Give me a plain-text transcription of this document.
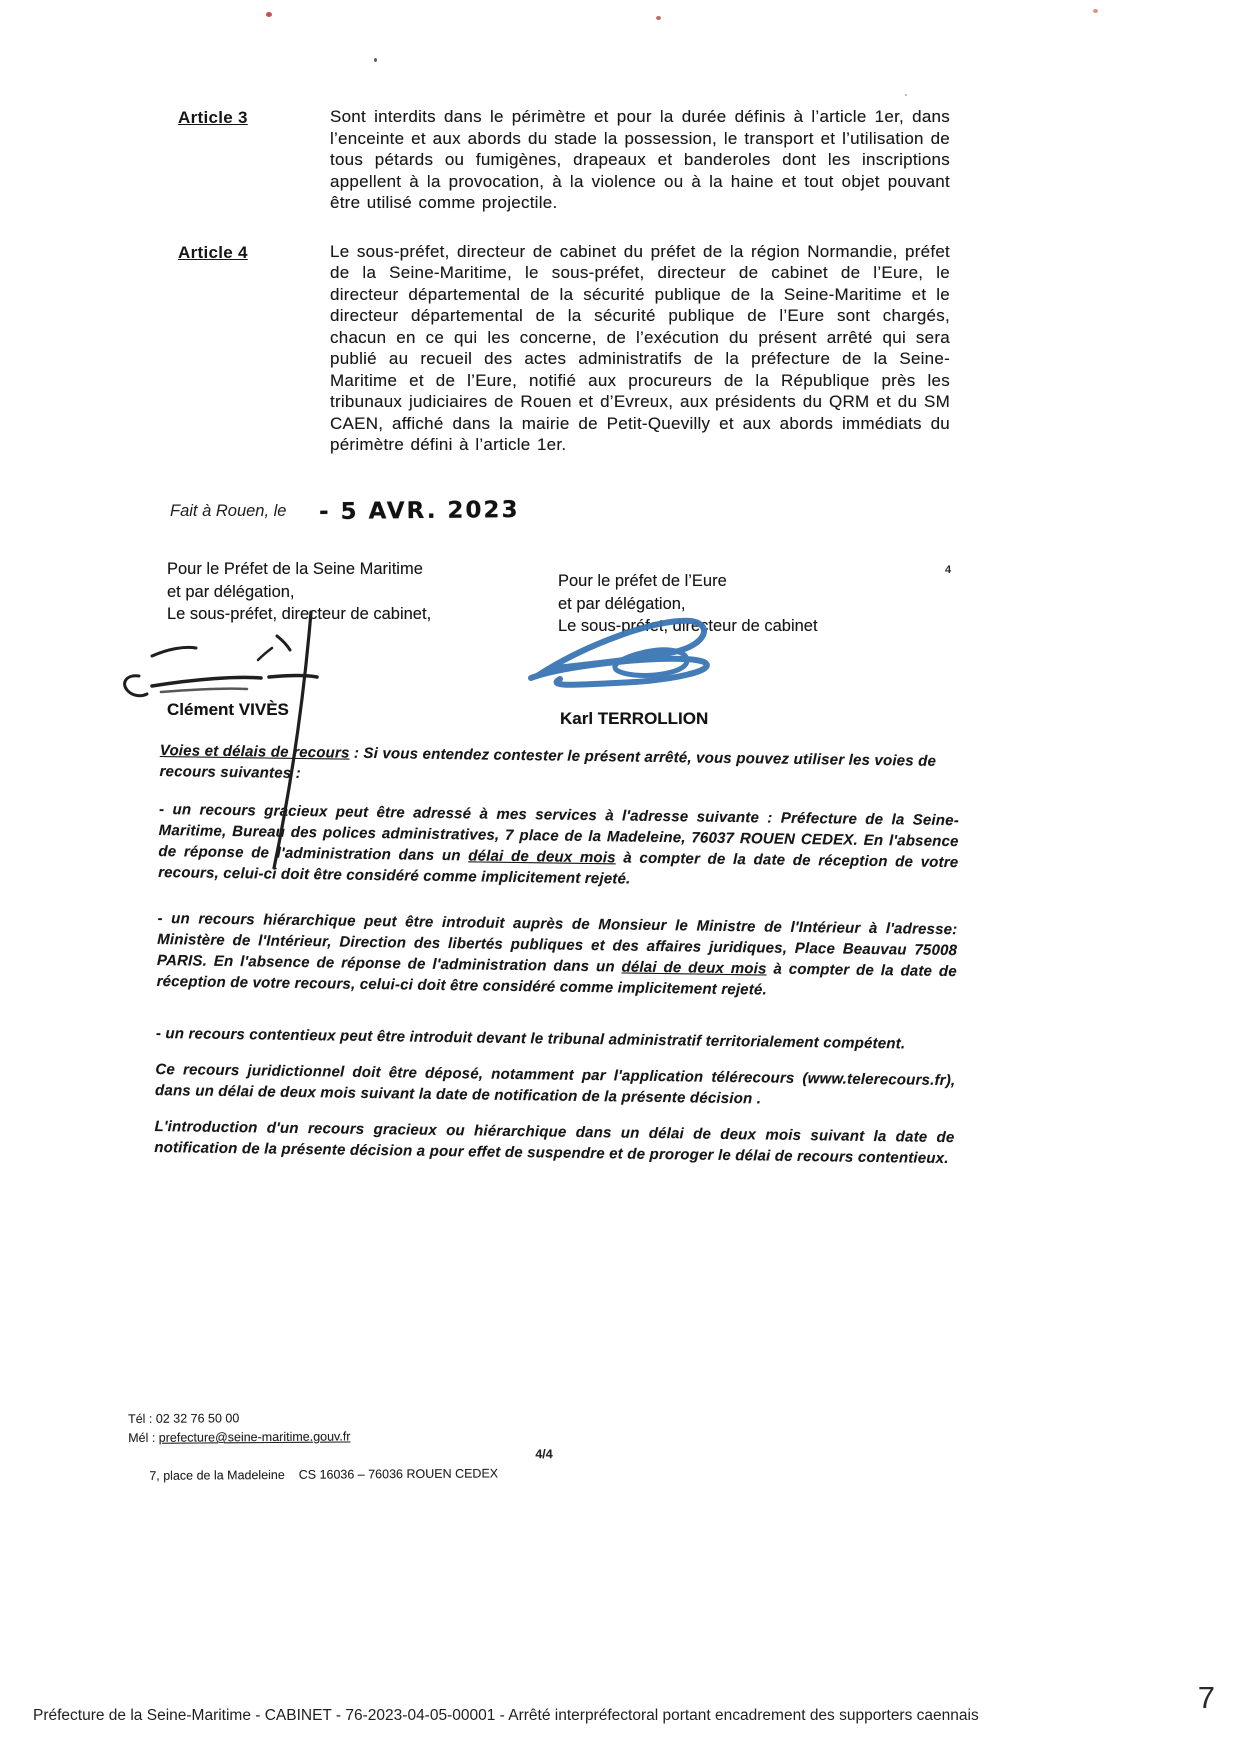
4
Article 3	Sont interdits dans le périmètre et pour la durée définis à l’article 1er, dans l’enceinte et aux abords du stade la possession, le transport et l’utilisation de tous pétards ou fumigènes, drapeaux et banderoles dont les inscriptions appellent à la provocation, à la violence ou à la haine et tout objet pouvant être utilisé comme projectile.
Article 4	Le sous-préfet, directeur de cabinet du préfet de la région Normandie, préfet de la Seine-Maritime, le sous-préfet, directeur de cabinet de l’Eure, le directeur départemental de la sécurité publique de la Seine-Maritime et le directeur départemental de la sécurité publique de l’Eure sont chargés, chacun en ce qui les concerne, de l’exécution du présent arrêté qui sera publié au recueil des actes administratifs de la préfecture de la Seine-Maritime et de l’Eure, notifié aux procureurs de la République près les tribunaux judiciaires de Rouen et d’Evreux, aux présidents du QRM et du SM CAEN, affiché dans la mairie de Petit-Quevilly et aux abords immédiats du périmètre défini à l’article 1er.
Fait à Rouen, le - 5 AVR. 2023
Pour le Préfet de la Seine Maritime
et par délégation,
Le sous-préfet, directeur de cabinet,
Pour le préfet de l’Eure
et par délégation,
Le sous-préfet, directeur de cabinet
Clément VIVÈS	Karl TERROLLION
Voies et délais de recours : Si vous entendez contester le présent arrêté, vous pouvez utiliser les voies de recours suivantes :

- un recours gracieux peut être adressé à mes services à l'adresse suivante : Préfecture de la Seine-Maritime, Bureau des polices administratives, 7 place de la Madeleine, 76037 ROUEN CEDEX. En l'absence de réponse de l'administration dans un délai de deux mois à compter de la date de réception de votre recours, celui-ci doit être considéré comme implicitement rejeté.

- un recours hiérarchique peut être introduit auprès de Monsieur le Ministre de l'Intérieur à l'adresse: Ministère de l'Intérieur, Direction des libertés publiques et des affaires juridiques, Place Beauvau 75008 PARIS. En l'absence de réponse de l'administration dans un délai de deux mois à compter de la date de réception de votre recours, celui-ci doit être considéré comme implicitement rejeté.

- un recours contentieux peut être introduit devant le tribunal administratif territorialement compétent.

Ce recours juridictionnel doit être déposé, notamment par l'application télérecours (www.telerecours.fr), dans un délai de deux mois suivant la date de notification de la présente décision .

L'introduction d'un recours gracieux ou hiérarchique dans un délai de deux mois suivant la date de notification de la présente décision a pour effet de suspendre et de proroger le délai de recours contentieux.

Tél : 02 32 76 50 00
Mél : prefecture@seine-maritime.gouv.fr

7, place de la Madeleine    CS 16036 – 76036 ROUEN CEDEX

4/4

Préfecture de la Seine-Maritime - CABINET - 76-2023-04-05-00001 - Arrêté interpréfectoral portant encadrement des supporters caennais
7
